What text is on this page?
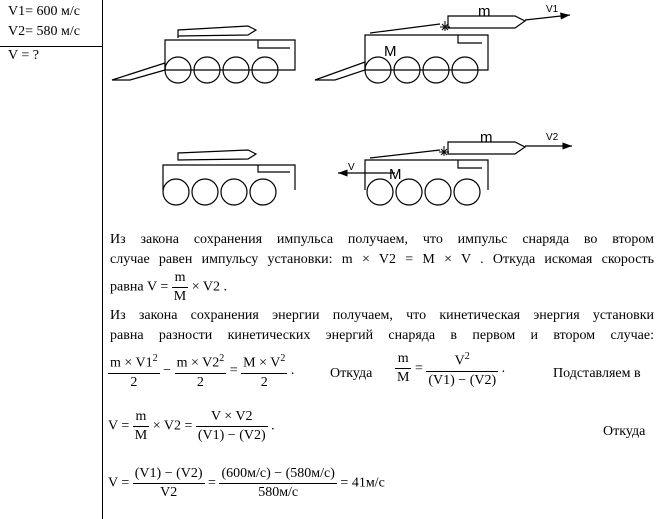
V1= 600 м/с
V2= 580 м/с
V = ?	M
m
M
m
V1
V2
V
Из закона сохранения импульса получаем, что импульс снаряда во втором
случае равен импульсу установки: m × V2 = M × V . Откуда искомая скорость
равна $V = \frac{m}{M} \times V2$ .
Из закона сохранения энергии получаем, что кинетическая энергия установки
равна разности кинетических энергий снаряда в первом и втором случае:
$\frac{m \times V1^2}{2} - \frac{m \times V2^2}{2} = \frac{M \times V^2}{2}$ .	Откуда $\frac{m}{M} = \frac{V^2}{(V1) - (V2)}$ .	Подставляем в
$V = \frac{m}{M} \times V2 = \frac{V \times V2}{(V1) - (V2)}$ .	Откуда
$V = \frac{(V1) - (V2)}{V2} = \frac{(600м/с) - (580м/с)}{580м/с} = 41м/с$
